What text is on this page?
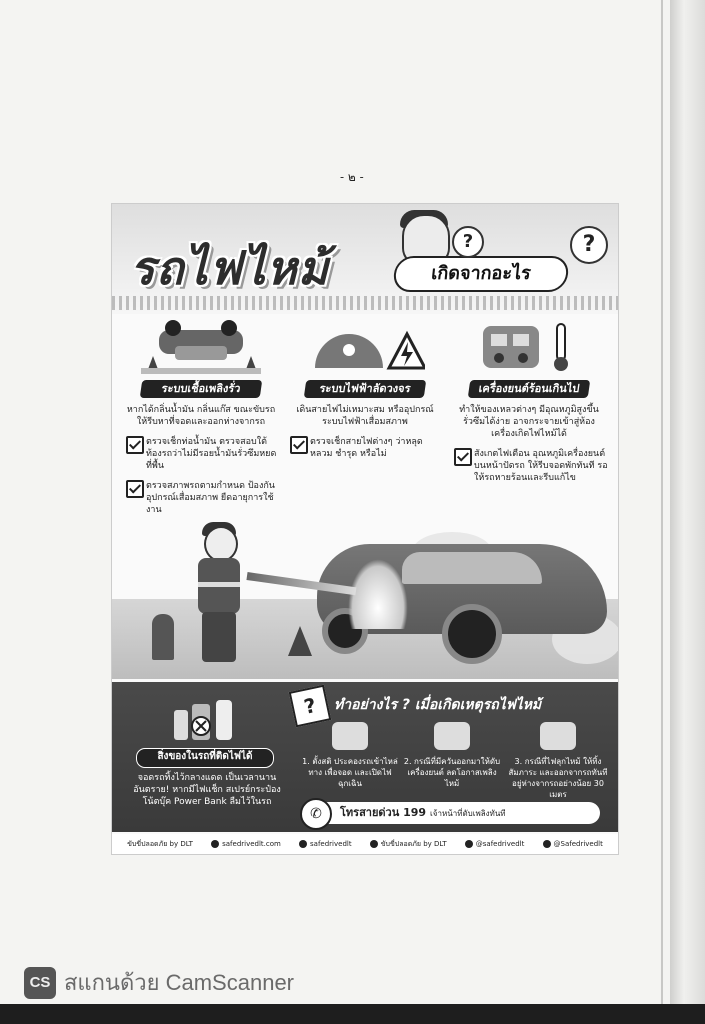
- ๒ -
รถไฟไหม้	เกิดจากอะไร
?	?
ระบบเชื้อเพลิงรั่ว
หากได้กลิ่นน้ำมัน กลิ่นแก๊ส ขณะขับรถ ให้รีบหาที่จอดและออกห่างจากรถ
ตรวจเช็กท่อน้ำมัน ตรวจสอบใต้ท้องรถว่าไม่มีรอยน้ำมันรั่วซึมหยดที่พื้น
ตรวจสภาพรถตามกำหนด ป้องกันอุปกรณ์เสื่อมสภาพ ยืดอายุการใช้งาน
ระบบไฟฟ้าลัดวงจร
เดินสายไฟไม่เหมาะสม หรืออุปกรณ์ระบบไฟฟ้าเสื่อมสภาพ
ตรวจเช็กสายไฟต่างๆ ว่าหลุด หลวม ชำรุด หรือไม่
เครื่องยนต์ร้อนเกินไป
ทำให้ของเหลวต่างๆ มีอุณหภูมิสูงขึ้น รั่วซึมได้ง่าย อาจกระจายเข้าสู่ห้องเครื่องเกิดไฟไหม้ได้
สังเกตไฟเตือน อุณหภูมิเครื่องยนต์ บนหน้าปัดรถ ให้รีบจอดพักทันที รอให้รถหายร้อนและรีบแก้ไข
?	ทำอย่างไร ? เมื่อเกิดเหตุรถไฟไหม้
สิ่งของในรถที่ติดไฟได้
จอดรถทิ้งไว้กลางแดด เป็นเวลานาน อันตราย! หากมีไฟแช็ก สเปรย์กระป๋อง โน้ตบุ๊ค Power Bank ลืมไว้ในรถ
1. ตั้งสติ ประคองรถเข้าไหล่ทาง เพื่อจอด และเปิดไฟฉุกเฉิน
2. กรณีที่มีควันออกมาให้ดับเครื่องยนต์ ลดโอกาสเพลิงไหม้
3. กรณีที่ไฟลุกไหม้ ให้ทิ้งสัมภาระ และออกจากรถทันที อยู่ห่างจากรถอย่างน้อย 30 เมตร
โทรสายด่วน 199 เจ้าหน้าที่ดับเพลิงทันที
✆
ขับขี่ปลอดภัย by DLT	safedrivedlt.com	safedrivedlt	ขับขี่ปลอดภัย by DLT	@safedrivedlt	@Safedrivedlt
CS สแกนด้วย CamScanner
